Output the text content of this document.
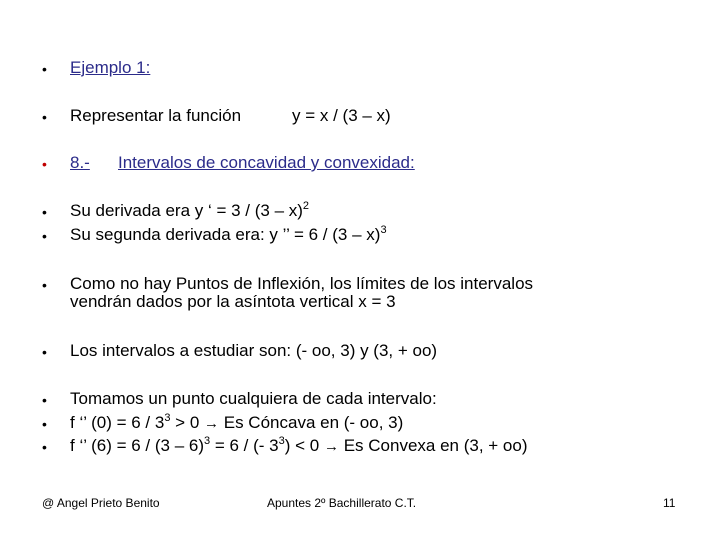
• Ejemplo 1:
• Representar la función	y = x / (3 – x)
• 8.- Intervalos de concavidad y convexidad:
• Su derivada era y ‘ = 3 / (3 – x)$^2$
• Su segunda derivada era: y ’’ = 6 / (3 – x)$^3$
• Como no hay Puntos de Inflexión, los límites de los intervalos
vendrán dados por la asíntota vertical x = 3
• Los intervalos a estudiar son: (- oo, 3) y (3, + oo)
• Tomamos un punto cualquiera de cada intervalo:
• f ‘’ $(0) = 6 / 3^3 > 0 \to Es$ Cóncava en (- oo, 3)
• f ‘’ (6) = 6 / (3 – 6)$^3$ = 6 / (- $3^3) < 0 \to Es$ Convexa en (3, + oo)
@ Angel Prieto Benito	Apuntes 2º Bachillerato C.T.	11
